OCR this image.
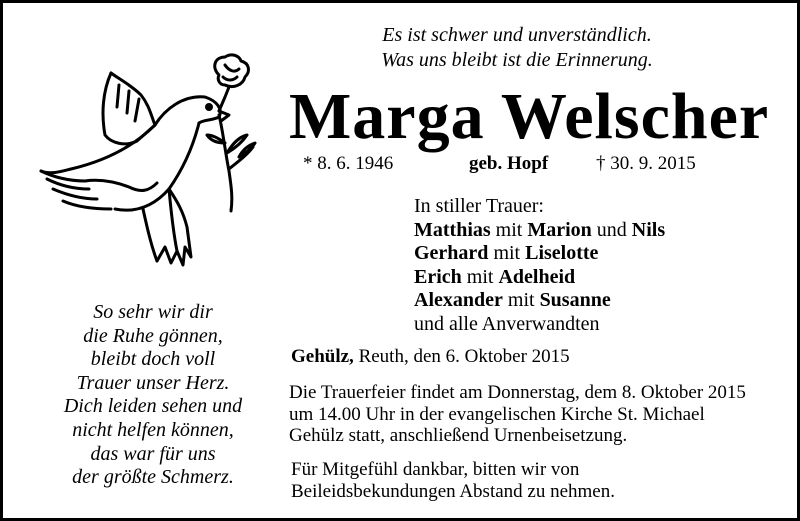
Es ist schwer und unverständlich.
Was uns bleibt ist die Erinnerung.
Marga Welscher
* 8. 6. 1946	geb. Hopf	† 30. 9. 2015
In stiller Trauer:
Matthias mit Marion und Nils
Gerhard mit Liselotte
Erich mit Adelheid
Alexander mit Susanne
und alle Anverwandten
So sehr wir dir
die Ruhe gönnen,
bleibt doch voll
Trauer unser Herz.
Dich leiden sehen und
nicht helfen können,
das war für uns
der größte Schmerz.
Gehülz, Reuth, den 6. Oktober 2015
Die Trauerfeier findet am Donnerstag, dem 8. Oktober 2015
um 14.00 Uhr in der evangelischen Kirche St. Michael
Gehülz statt, anschließend Urnenbeisetzung.
Für Mitgefühl dankbar, bitten wir von
Beileidsbekundungen Abstand zu nehmen.
